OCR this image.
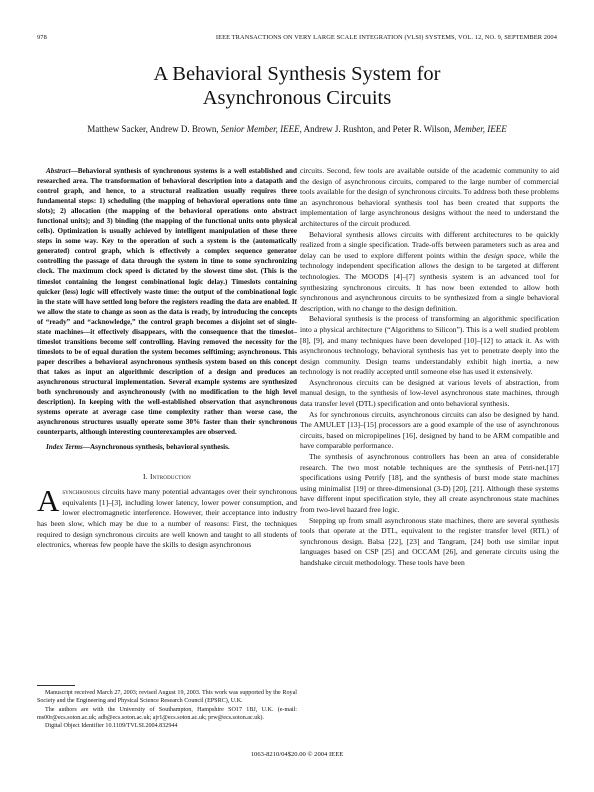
978	IEEE TRANSACTIONS ON VERY LARGE SCALE INTEGRATION (VLSI) SYSTEMS, VOL. 12, NO. 9, SEPTEMBER 2004
A Behavioral Synthesis System for
Asynchronous Circuits
Matthew Sacker, Andrew D. Brown, Senior Member, IEEE, Andrew J. Rushton, and Peter R. Wilson, Member, IEEE

Abstract—Behavioral synthesis of synchronous systems is a well established and researched area. The transformation of behavioral description into a datapath and control graph, and hence, to a structural realization usually requires three fundamental steps: 1) scheduling (the mapping of behavioral operations onto time slots); 2) allocation (the mapping of the behavioral operations onto abstract functional units); and 3) binding (the mapping of the functional units onto physical cells). Optimization is usually achieved by intelligent manipulation of these three steps in some way. Key to the operation of such a system is the (automatically generated) control graph, which is effectively a complex sequence generator controlling the passage of data through the system in time to some synchronizing clock. The maximum clock speed is dictated by the slowest time slot. (This is the timeslot containing the longest combinational logic delay.) Timeslots containing quicker (less) logic will effectively waste time: the output of the combinational logic in the state will have settled long before the registers reading the data are enabled. If we allow the state to change as soon as the data is ready, by introducing the concepts of “ready” and “acknowledge,” the control graph becomes a disjoint set of single-state machines—it effectively disappears, with the consequence that the timeslot–timeslot transitions become self controlling. Having removed the necessity for the timeslots to be of equal duration the system becomes selftiming; asynchronous. This paper describes a behavioral asynchronous synthesis system based on this concept that takes as input an algorithmic description of a design and produces an asynchronous structural implementation. Several example systems are synthesized both synchronously and asynchronously (with no modification to the high level description). In keeping with the well-established observation that asynchronous systems operate at average case time complexity rather than worse case, the asynchronous structures usually operate some 30% faster than their synchronous counterparts, although interesting counterexamples are observed.

Index Terms—Asynchronous synthesis, behavioral synthesis.

I. Introduction

Asynchronous circuits have many potential advantages over their synchronous equivalents [1]–[3], including lower latency, lower power consumption, and lower electromagnetic interference. However, their acceptance into industry has been slow, which may be due to a number of reasons: First, the techniques required to design synchronous circuits are well known and taught to all students of electronics, whereas few people have the skills to design asynchronous

circuits. Second, few tools are available outside of the academic community to aid the design of asynchronous circuits, compared to the large number of commercial tools available for the design of synchronous circuits. To address both these problems an asynchronous behavioral synthesis tool has been created that supports the implementation of large asynchronous designs without the need to understand the architectures of the circuit produced.

Behavioral synthesis allows circuits with different architectures to be quickly realized from a single specification. Trade-offs between parameters such as area and delay can be used to explore different points within the design space, while the technology independent specification allows the design to be targeted at different technologies. The MOODS [4]–[7] synthesis system is an advanced tool for synthesizing synchronous circuits. It has now been extended to allow both synchronous and asynchronous circuits to be synthesized from a single behavioral description, with no change to the design definition.

Behavioral synthesis is the process of transforming an algorithmic specification into a physical architecture (“Algorithms to Silicon”). This is a well studied problem [8], [9], and many techniques have been developed [10]–[12] to attack it. As with asynchronous technology, behavioral synthesis has yet to penetrate deeply into the design community. Design teams understandably exhibit high inertia, a new technology is not readily accepted until someone else has used it extensively.

Asynchronous circuits can be designed at various levels of abstraction, from manual design, to the synthesis of low-level asynchronous state machines, through data transfer level (DTL) specification and onto behavioral synthesis.

As for synchronous circuits, asynchronous circuits can also be designed by hand. The AMULET [13]–[15] processors are a good example of the use of asynchronous circuits, based on micropipelines [16], designed by hand to be ARM compatible and have comparable performance.

The synthesis of asynchronous controllers has been an area of considerable research. The two most notable techniques are the synthesis of Petri-net.[17] specifications using Petrify [18], and the synthesis of burst mode state machines using minimalist [19] or three-dimensional (3-D) [20], [21]. Although these systems have different input specification style, they all create asynchronous state machines from two-level hazard free logic.

Stepping up from small asynchronous state machines, there are several synthesis tools that operate at the DTL, equivalent to the register transfer level (RTL) of synchronous design. Balsa [22], [23] and Tangram, [24] both use similar input languages based on CSP [25] and OCCAM [26], and generate circuits using the handshake circuit methodology. These tools have been

Manuscript received March 27, 2003; revised August 19, 2003. This work was supported by the Royal Society and the Engineering and Physical Science Research Council (EPSRC), U.K.

The authors are with the University of Southampton, Hampshire SO17 1BJ, U.K. (e-mail: ms00r@ecs.soton.ac.uk; adb@ecs.soton.ac.uk; ajr1@ecs.soton.ac.uk; prw@ecs.soton.ac.uk).

Digital Object Identifier 10.1109/TVLSI.2004.832944

1063-8210/04$20.00 © 2004 IEEE
